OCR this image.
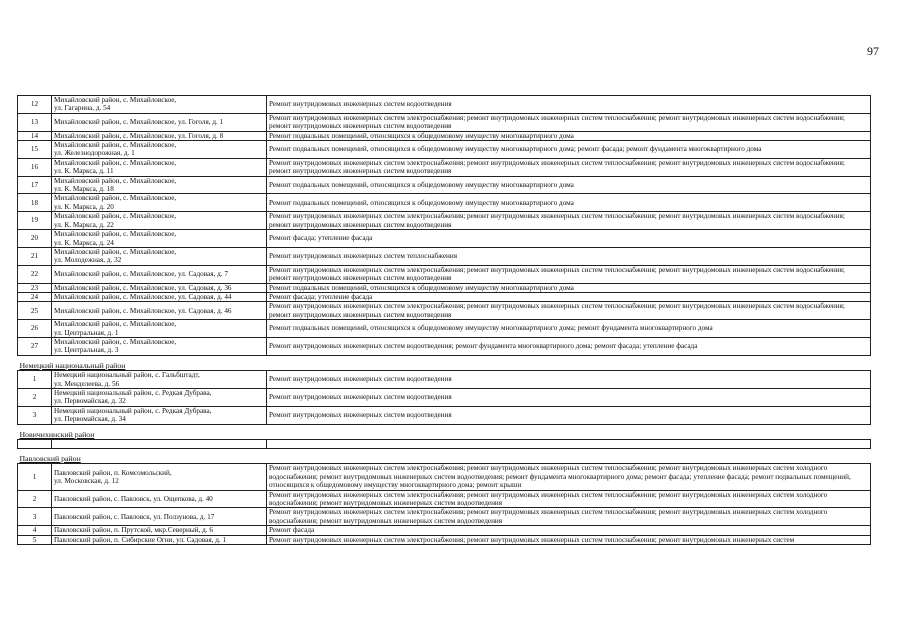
97
12	Михайловский район, с. Михайловское,
ул. Гагарина, д. 54	Ремонт внутридомовых инженерных систем водоотведения
13	Михайловский район, с. Михайловское, ул. Гоголя, д. 1	Ремонт внутридомовых инженерных систем электроснабжения; ремонт внутридомовых инженерных систем теплоснабжения; ремонт внутридомовых инженерных систем водоснабжения; ремонт внутридомовых инженерных систем водоотведения
14	Михайловский район, с. Михайловское, ул. Гоголя, д. 8	Ремонт подвальных помещений, относящихся к общедомовому имуществу многоквартирного дома
15	Михайловский район, с. Михайловское,
ул. Железнодорожная, д. 1	Ремонт подвальных помещений, относящихся к общедомовому имуществу многоквартирного дома; ремонт фасада; ремонт фундамента многоквартирного дома
16	Михайловский район, с. Михайловское,
ул. К. Маркса, д. 11	Ремонт внутридомовых инженерных систем электроснабжения; ремонт внутридомовых инженерных систем теплоснабжения; ремонт внутридомовых инженерных систем водоснабжения; ремонт внутридомовых инженерных систем водоотведения
17	Михайловский район, с. Михайловское,
ул. К. Маркса, д. 18	Ремонт подвальных помещений, относящихся к общедомовому имуществу многоквартирного дома
18	Михайловский район, с. Михайловское,
ул. К. Маркса, д. 20	Ремонт подвальных помещений, относящихся к общедомовому имуществу многоквартирного дома
19	Михайловский район, с. Михайловское,
ул. К. Маркса, д. 22	Ремонт внутридомовых инженерных систем электроснабжения; ремонт внутридомовых инженерных систем теплоснабжения; ремонт внутридомовых инженерных систем водоснабжения; ремонт внутридомовых инженерных систем водоотведения
20	Михайловский район, с. Михайловское,
ул. К. Маркса, д. 24	Ремонт фасада; утепление фасада
21	Михайловский район, с. Михайловское,
ул. Молодежная, д. 32	Ремонт внутридомовых инженерных систем теплоснабжения
22	Михайловский район, с. Михайловское, ул. Садовая, д. 7	Ремонт внутридомовых инженерных систем электроснабжения; ремонт внутридомовых инженерных систем теплоснабжения; ремонт внутридомовых инженерных систем водоснабжения; ремонт внутридомовых инженерных систем водоотведения
23	Михайловский район, с. Михайловское, ул. Садовая, д. 36	Ремонт подвальных помещений, относящихся к общедомовому имуществу многоквартирного дома
24	Михайловский район, с. Михайловское, ул. Садовая, д. 44	Ремонт фасада; утепление фасада
25	Михайловский район, с. Михайловское, ул. Садовая, д. 46	Ремонт внутридомовых инженерных систем электроснабжения; ремонт внутридомовых инженерных систем теплоснабжения; ремонт внутридомовых инженерных систем водоснабжения; ремонт внутридомовых инженерных систем водоотведения
26	Михайловский район, с. Михайловское,
ул. Центральная, д. 1	Ремонт подвальных помещений, относящихся к общедомовому имуществу многоквартирного дома; ремонт фундамента многоквартирного дома
27	Михайловский район, с. Михайловское,
ул. Центральная, д. 3	Ремонт внутридомовых инженерных систем водоотведения; ремонт фундамента многоквартирного дома; ремонт фасада; утепление фасада
Немецкий национальный район		
1	Немецкий национальный район, с. Гальбштадт,
ул. Менделеева, д. 56	Ремонт внутридомовых инженерных систем водоотведения
2	Немецкий национальный район, с. Редкая Дубрава,
ул. Первомайская, д. 32	Ремонт внутридомовых инженерных систем водоотведения
3	Немецкий национальный район, с. Редкая Дубрава,
ул. Первомайская, д. 34	Ремонт внутридомовых инженерных систем водоотведения
Новичихинский район		

Павловский район		
1	Павловский район, п. Комсомольский,
ул. Московская, д. 12	Ремонт внутридомовых инженерных систем электроснабжения; ремонт внутридомовых инженерных систем теплоснабжения; ремонт внутридомовых инженерных систем холодного водоснабжения; ремонт внутридомовых инженерных систем водоотведения; ремонт фундамента многоквартирного дома; ремонт фасада; утепление фасада; ремонт подвальных помещений, относящихся к общедомовому имуществу многоквартирного дома; ремонт крыши
2	Павловский район, с. Павловск, ул. Ощепкова, д. 40	Ремонт внутридомовых инженерных систем электроснабжения; ремонт внутридомовых инженерных систем теплоснабжения; ремонт внутридомовых инженерных систем холодного водоснабжения; ремонт внутридомовых инженерных систем водоотведения
3	Павловский район, с. Павловск, ул. Ползунова, д. 17	Ремонт внутридомовых инженерных систем электроснабжения; ремонт внутридомовых инженерных систем теплоснабжения; ремонт внутридомовых инженерных систем холодного водоснабжения; ремонт внутридомовых инженерных систем водоотведения
4	Павловский район, п. Прутской, мкр.Северный, д. 6	Ремонт фасада
5	Павловский район, п. Сибирские Огни, ул. Садовая, д. 1	Ремонт внутридомовых инженерных систем электроснабжения; ремонт внутридомовых инженерных систем теплоснабжения; ремонт внутридомовых инженерных систем
